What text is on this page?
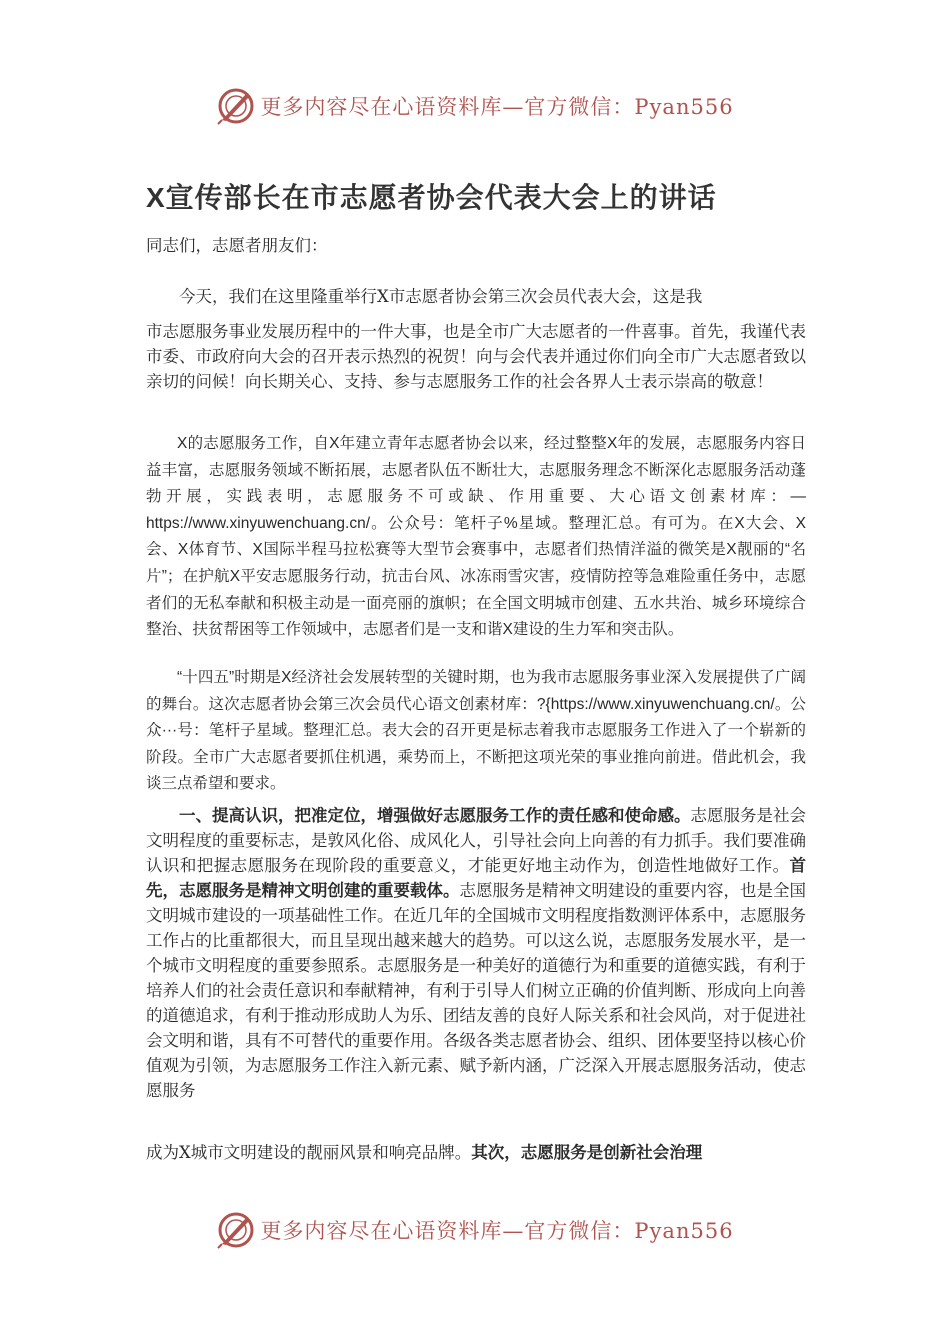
更多内容尽在心语资料库—官方微信：Pyan556
X宣传部长在市志愿者协会代表大会上的讲话

同志们，志愿者朋友们：

今天，我们在这里隆重举行X市志愿者协会第三次会员代表大会，这是我

市志愿服务事业发展历程中的一件大事，也是全市广大志愿者的一件喜事。首先，我谨代表市委、市政府向大会的召开表示热烈的祝贺！向与会代表并通过你们向全市广大志愿者致以亲切的问候！向长期关心、支持、参与志愿服务工作的社会各界人士表示崇高的敬意！

X的志愿服务工作，自X年建立青年志愿者协会以来，经过整整X年的发展，志愿服务内容日益丰富，志愿服务领域不断拓展，志愿者队伍不断壮大，志愿服务理念不断深化志愿服务活动蓬勃开展，实践表明，志愿服务不可或缺、作用重要、大心语文创素材库：—https://www.xinyuwenchuang.cn/。公众号：笔杆子%星域。整理汇总。有可为。在X大会、X会、X体育节、X国际半程马拉松赛等大型节会赛事中，志愿者们热情洋溢的微笑是X靓丽的“名片”；在护航X平安志愿服务行动，抗击台风、冰冻雨雪灾害，疫情防控等急难险重任务中，志愿者们的无私奉献和积极主动是一面亮丽的旗帜；在全国文明城市创建、五水共治、城乡环境综合整治、扶贫帮困等工作领域中，志愿者们是一支和谐X建设的生力军和突击队。

“十四五”时期是X经济社会发展转型的关键时期，也为我市志愿服务事业深入发展提供了广阔的舞台。这次志愿者协会第三次会员代心语文创素材库：?{https://www.xinyuwenchuang.cn/。公众···号：笔杆子星域。整理汇总。表大会的召开更是标志着我市志愿服务工作进入了一个崭新的阶段。全市广大志愿者要抓住机遇，乘势而上，不断把这项光荣的事业推向前进。借此机会，我谈三点希望和要求。

一、提高认识，把准定位，增强做好志愿服务工作的责任感和使命感。志愿服务是社会文明程度的重要标志，是敦风化俗、成风化人，引导社会向上向善的有力抓手。我们要准确认识和把握志愿服务在现阶段的重要意义，才能更好地主动作为，创造性地做好工作。首先，志愿服务是精神文明创建的重要载体。志愿服务是精神文明建设的重要内容，也是全国文明城市建设的一项基础性工作。在近几年的全国城市文明程度指数测评体系中，志愿服务工作占的比重都很大，而且呈现出越来越大的趋势。可以这么说，志愿服务发展水平，是一个城市文明程度的重要参照系。志愿服务是一种美好的道德行为和重要的道德实践，有利于培养人们的社会责任意识和奉献精神，有利于引导人们树立正确的价值判断、形成向上向善的道德追求，有利于推动形成助人为乐、团结友善的良好人际关系和社会风尚，对于促进社会文明和谐，具有不可替代的重要作用。各级各类志愿者协会、组织、团体要坚持以核心价值观为引领，为志愿服务工作注入新元素、赋予新内涵，广泛深入开展志愿服务活动，使志愿服务

成为X城市文明建设的靓丽风景和响亮品牌。其次，志愿服务是创新社会治理

更多内容尽在心语资料库—官方微信：Pyan556
